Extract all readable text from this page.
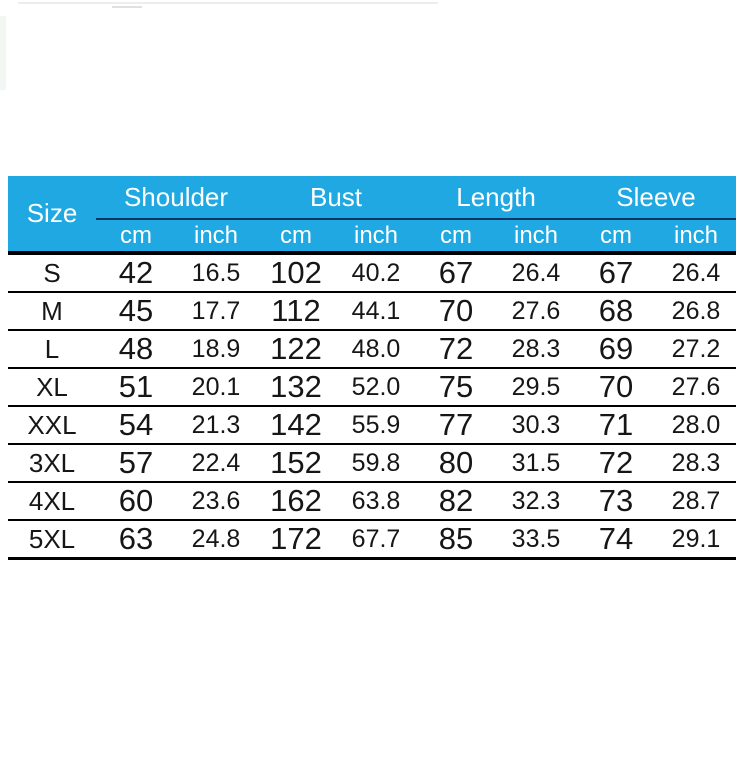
Size	Shoulder		Bust		Length		Sleeve	
	cm	inch	cm	inch	cm	inch	cm	inch
S	42	16.5	102	40.2	67	26.4	67	26.4
M	45	17.7	112	44.1	70	27.6	68	26.8
L	48	18.9	122	48.0	72	28.3	69	27.2
XL	51	20.1	132	52.0	75	29.5	70	27.6
XXL	54	21.3	142	55.9	77	30.3	71	28.0
3XL	57	22.4	152	59.8	80	31.5	72	28.3
4XL	60	23.6	162	63.8	82	32.3	73	28.7
5XL	63	24.8	172	67.7	85	33.5	74	29.1
